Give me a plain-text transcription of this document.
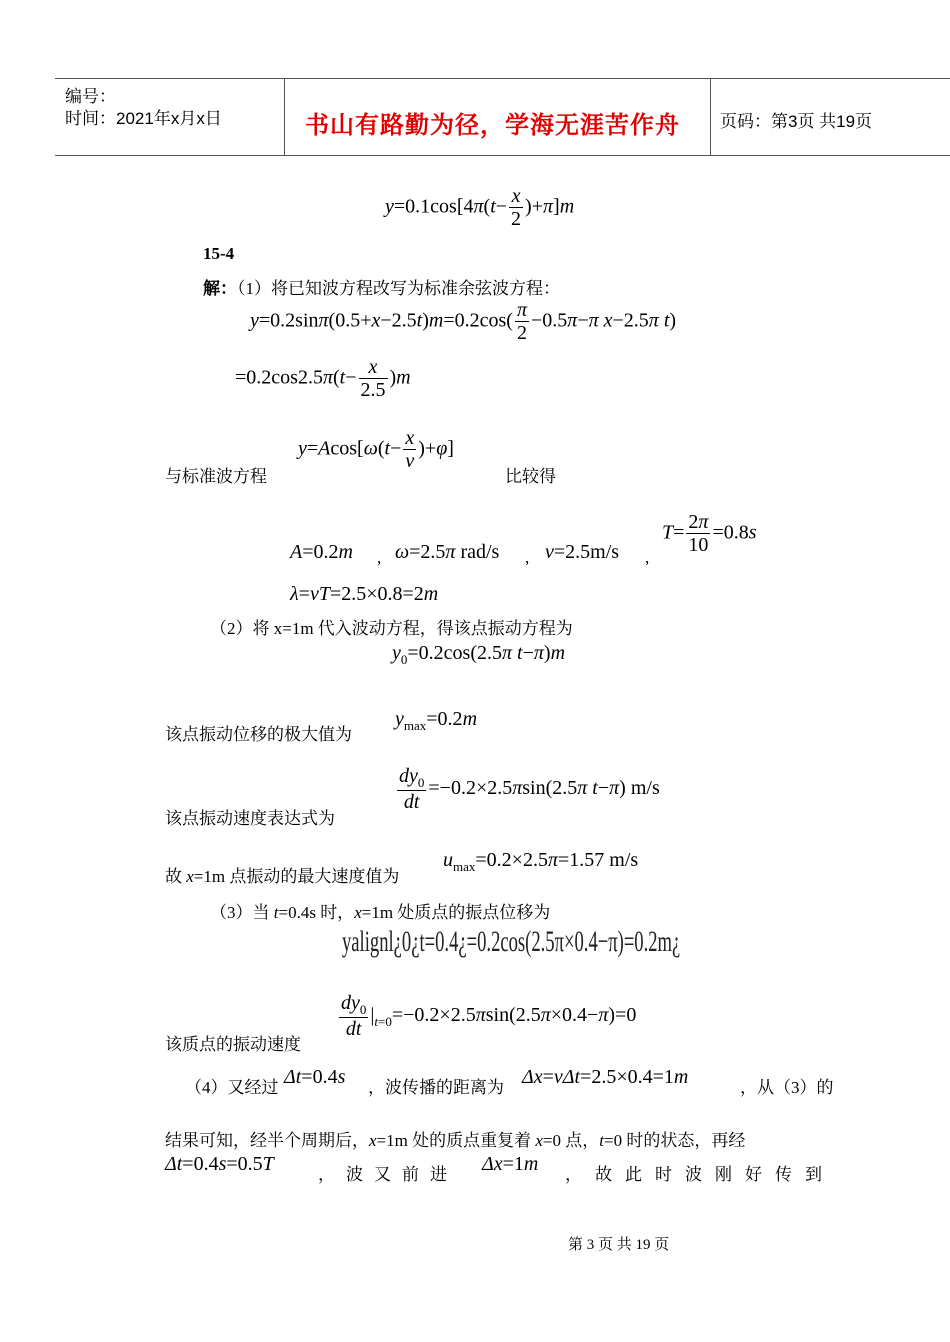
编号：
时间：2021年x月x日	书山有路勤为径，学海无涯苦作舟 页码：第3页 共19页
$y=0.1\cos[4\pi(t- \frac{x}{2} )+\pi]m$
15-4
解：（1）将已知波方程改写为标准余弦波方程：
$y=0.2\sin\pi(0.5+x-2.5t)m=0.2\cos( \frac{\pi}{2} -0.5\pi-\pi$ x−2.5π t)
$=0.2\cos 2.5\pi(t- \frac{x}{2.5} )m$
与标准波方程
$y=Acos[\omega(t- \frac{x}{v} )+\varphi]$
比较得
A=0.2m , ω=2.5π rad/s , v=2.5m/s ,
$T= \frac{2\pi}{10} =0.8s$
λ=vT=2.5×0.8=2m
（2）将 x=1m 代入波动方程，得该点振动方程为
$y_0=0.2\cos(2.5\pi$ t−π)m
该点振动位移的极大值为
$y_{max}=0.2m$
该点振动速度表达式为
$\frac{dy_0}{dt} =-0.2\times 2.5\pi\sin(2.5\pi$ t−π) m/s
故 x=1m 点振动的最大速度值为
$u_{max}=0.2\times 2.5\pi=1.57$ m/s
（3）当 t=0.4s 时，x=1m 处质点的振点位移为
yalignl¿0¿t=0.4¿=0.2cos(2.5π×0.4−π)=0.2m¿
该质点的振动速度
$\frac{dy_0}{dt} |_{t=0}=-0.2\times 2.5\pi\sin(2.5\pi\times 0.4-\pi)=0$
（4）又经过 Δt=0.4s ，波传播的距离为 Δx=vΔt=2.5×0.4=1m	，从（3）的
结果可知，经半个周期后，x=1m 处的质点重复着 x=0 点，t=0 时的状态，再经
Δt=0.4s=0.5T	，波又前进 Δx=1m ，故此时波刚好传到
第 3 页 共 19 页
